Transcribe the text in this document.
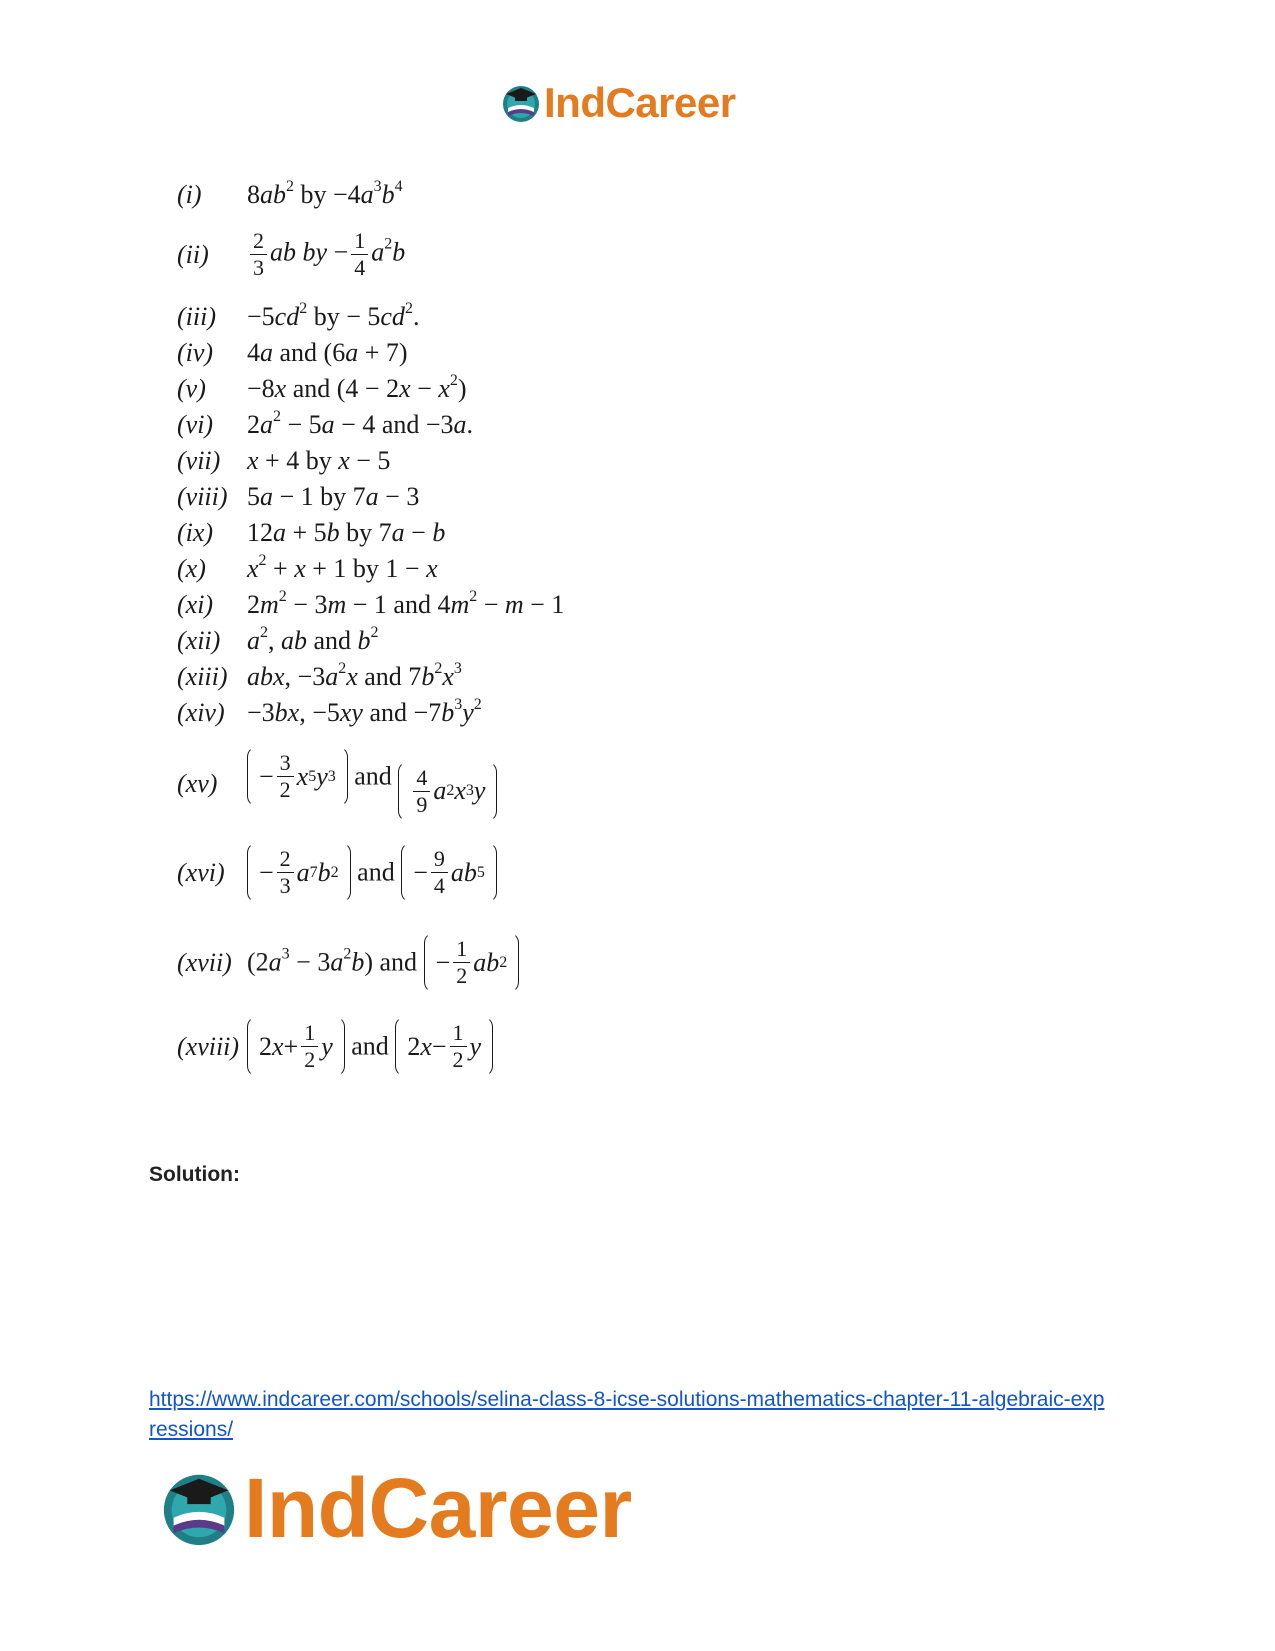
IndCareer
(i)	$8ab^2$ by $-4a^3b^4$
(ii)	$\frac{2}{3}$ ab by − $\frac{1}{4} a^2b$
(iii)	$-5cd^2$ by − $5cd^2$.
(iv)	4a and (6a + 7)
(v)	−8x and $(4 - 2x - x^2)$
(vi)	$2a^2 - 5a - 4$ and −3a.
(vii)	x + 4 by x − 5
(viii) 5a − 1 by 7a − 3
(ix)	12a + 5b by 7a − b
(x)	$x^2 + x + 1$ by 1 − x
(xi)	$2m^2 - 3m - 1$ and $4m^2 - m - 1$
(xii)	$a^2$, ab and $b^2$
(xiii) abx, $-3a^2x$ and $7b^2x^3$
(xiv) −3bx, −5xy and $-7b^3y^2$
(xv)	− $\frac{3}{2}$ x 5 y 3 and $\frac{4}{9}$ a 2 x 3 y
(xvi)	− $\frac{2}{3}$ a 7 b 2 and − $\frac{9}{4}$ ab 5
(xvii) $(2a^3 - 3a^2b)$ and − $\frac{1}{2}$ ab 2
(xviii) 2 $x + \frac{1}{2}$ y and 2 $x - \frac{1}{2}$ y
Solution:
https://www.indcareer.com/schools/selina-class-8-icse-solutions-mathematics-chapter-11-algebraic-expressions/
IndCareer
